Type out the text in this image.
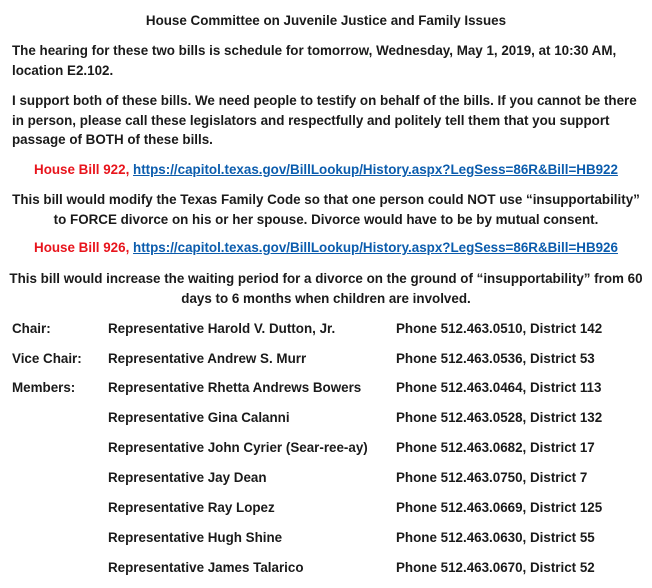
House Committee on Juvenile Justice and Family Issues
The hearing for these two bills is schedule for tomorrow, Wednesday, May 1, 2019, at 10:30 AM, location E2.102.
I support both of these bills. We need people to testify on behalf of the bills. If you cannot be there in person, please call these legislators and respectfully and politely tell them that you support passage of BOTH of these bills.
House Bill 922, https://capitol.texas.gov/BillLookup/History.aspx?LegSess=86R&Bill=HB922
This bill would modify the Texas Family Code so that one person could NOT use “insupportability” to FORCE divorce on his or her spouse. Divorce would have to be by mutual consent.
House Bill 926, https://capitol.texas.gov/BillLookup/History.aspx?LegSess=86R&Bill=HB926
This bill would increase the waiting period for a divorce on the ground of “insupportability” from 60 days to 6 months when children are involved.
Chair:	Representative Harold V. Dutton, Jr.	Phone 512.463.0510, District 142
Vice Chair: Representative Andrew S. Murr	Phone 512.463.0536, District 53
Members: Representative Rhetta Andrews Bowers	Phone 512.463.0464, District 113
Representative Gina Calanni	Phone 512.463.0528, District 132
Representative John Cyrier (Sear-ree-ay) Phone 512.463.0682, District 17
Representative Jay Dean	Phone 512.463.0750, District 7
Representative Ray Lopez	Phone 512.463.0669, District 125
Representative Hugh Shine	Phone 512.463.0630, District 55
Representative James Talarico	Phone 512.463.0670, District 52
